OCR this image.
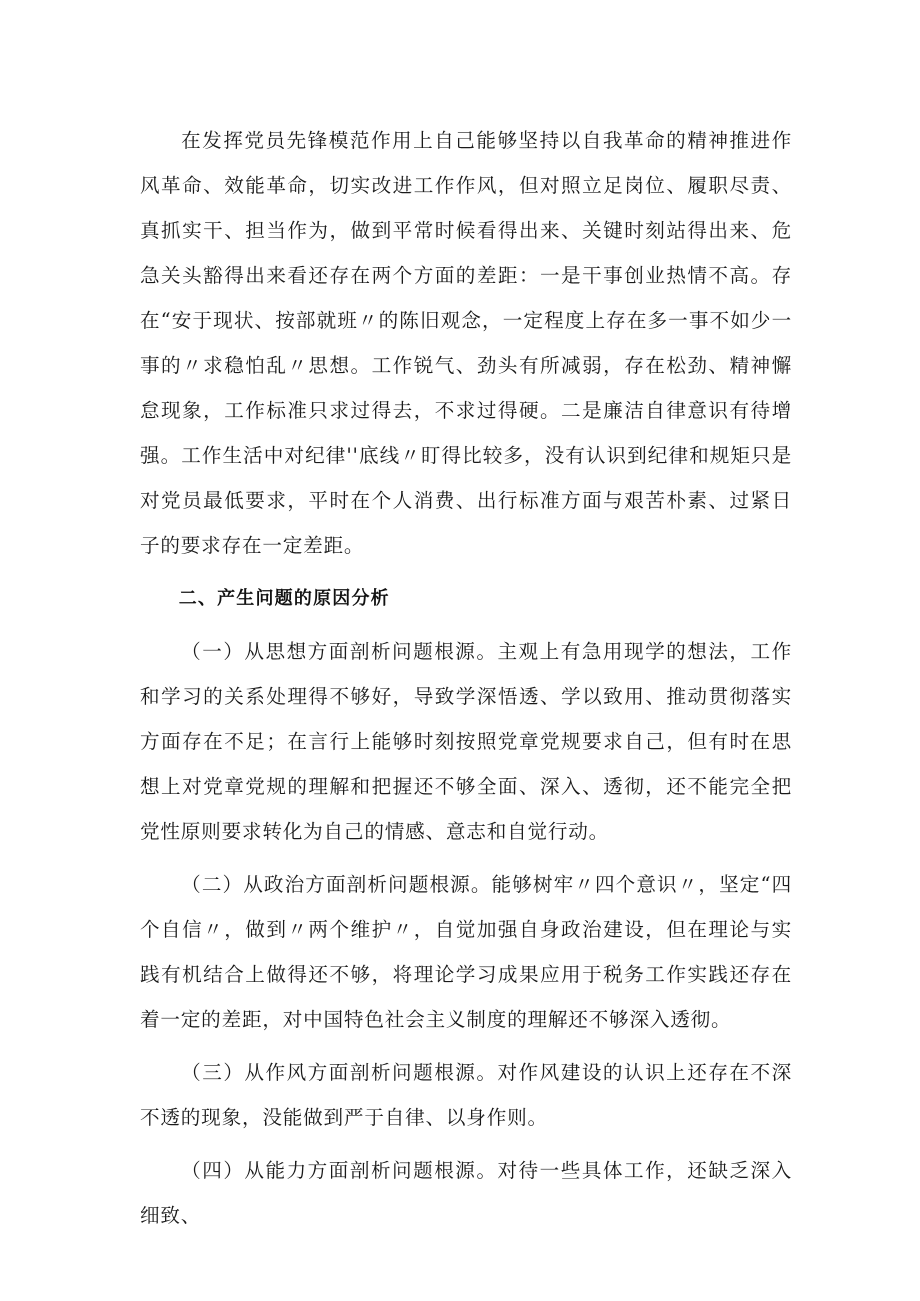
在发挥党员先锋模范作用上自己能够坚持以自我革命的精神推进作风革命、效能革命，切实改进工作作风，但对照立足岗位、履职尽责、真抓实干、担当作为，做到平常时候看得出来、关键时刻站得出来、危急关头豁得出来看还存在两个方面的差距：一是干事创业热情不高。存在“安于现状、按部就班〃的陈旧观念，一定程度上存在多一事不如少一事的〃求稳怕乱〃思想。工作锐气、劲头有所减弱，存在松劲、精神懈怠现象，工作标准只求过得去，不求过得硬。二是廉洁自律意识有待增强。工作生活中对纪律''底线〃盯得比较多，没有认识到纪律和规矩只是对党员最低要求，平时在个人消费、出行标准方面与艰苦朴素、过紧日子的要求存在一定差距。

二、产生问题的原因分析

（一）从思想方面剖析问题根源。主观上有急用现学的想法，工作和学习的关系处理得不够好，导致学深悟透、学以致用、推动贯彻落实方面存在不足；在言行上能够时刻按照党章党规要求自己，但有时在思想上对党章党规的理解和把握还不够全面、深入、透彻，还不能完全把党性原则要求转化为自己的情感、意志和自觉行动。

（二）从政治方面剖析问题根源。能够树牢〃四个意识〃，坚定“四个自信〃，做到〃两个维护〃，自觉加强自身政治建设，但在理论与实践有机结合上做得还不够，将理论学习成果应用于税务工作实践还存在着一定的差距，对中国特色社会主义制度的理解还不够深入透彻。

（三）从作风方面剖析问题根源。对作风建设的认识上还存在不深不透的现象，没能做到严于自律、以身作则。

（四）从能力方面剖析问题根源。对待一些具体工作，还缺乏深入细致、
